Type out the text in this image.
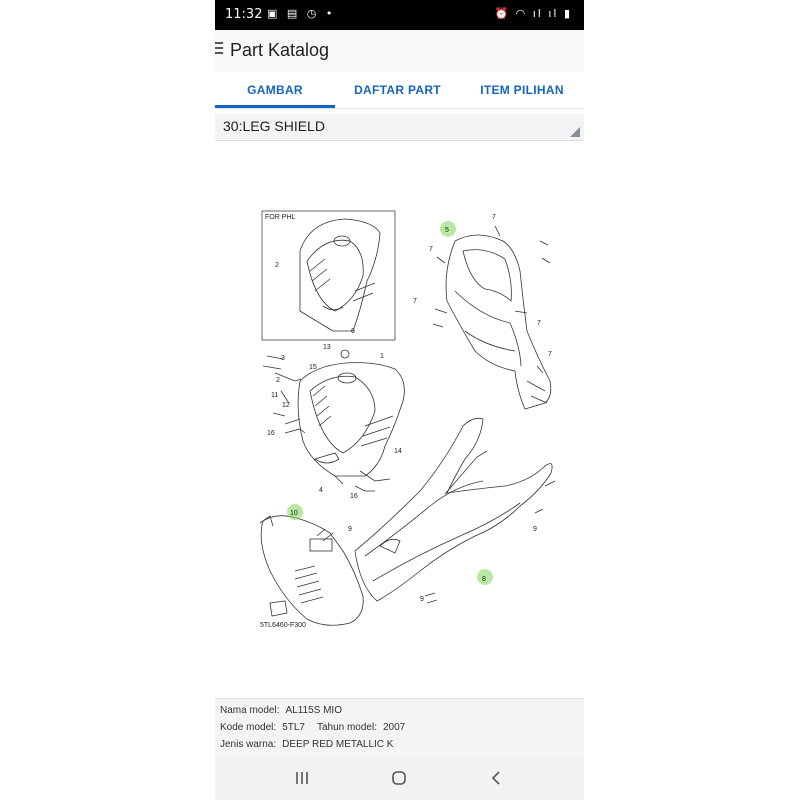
11:32 ▣ ▤ ◷ •	⏰ ◠ ıl ıl ▮
Part Katalog
GAMBAR	DAFTAR PART	ITEM PILIHAN
30:LEG SHIELD
FOR PHL
5TL6460-F300
1
2
2
3
4
5
6
7
7
7
7
7
8
9
9
9
10
11
12
13
14
15
16
16
Nama model: AL115S MIO
Kode model: 5TL7 Tahun model: 2007
Jenis warna: DEEP RED METALLIC K
